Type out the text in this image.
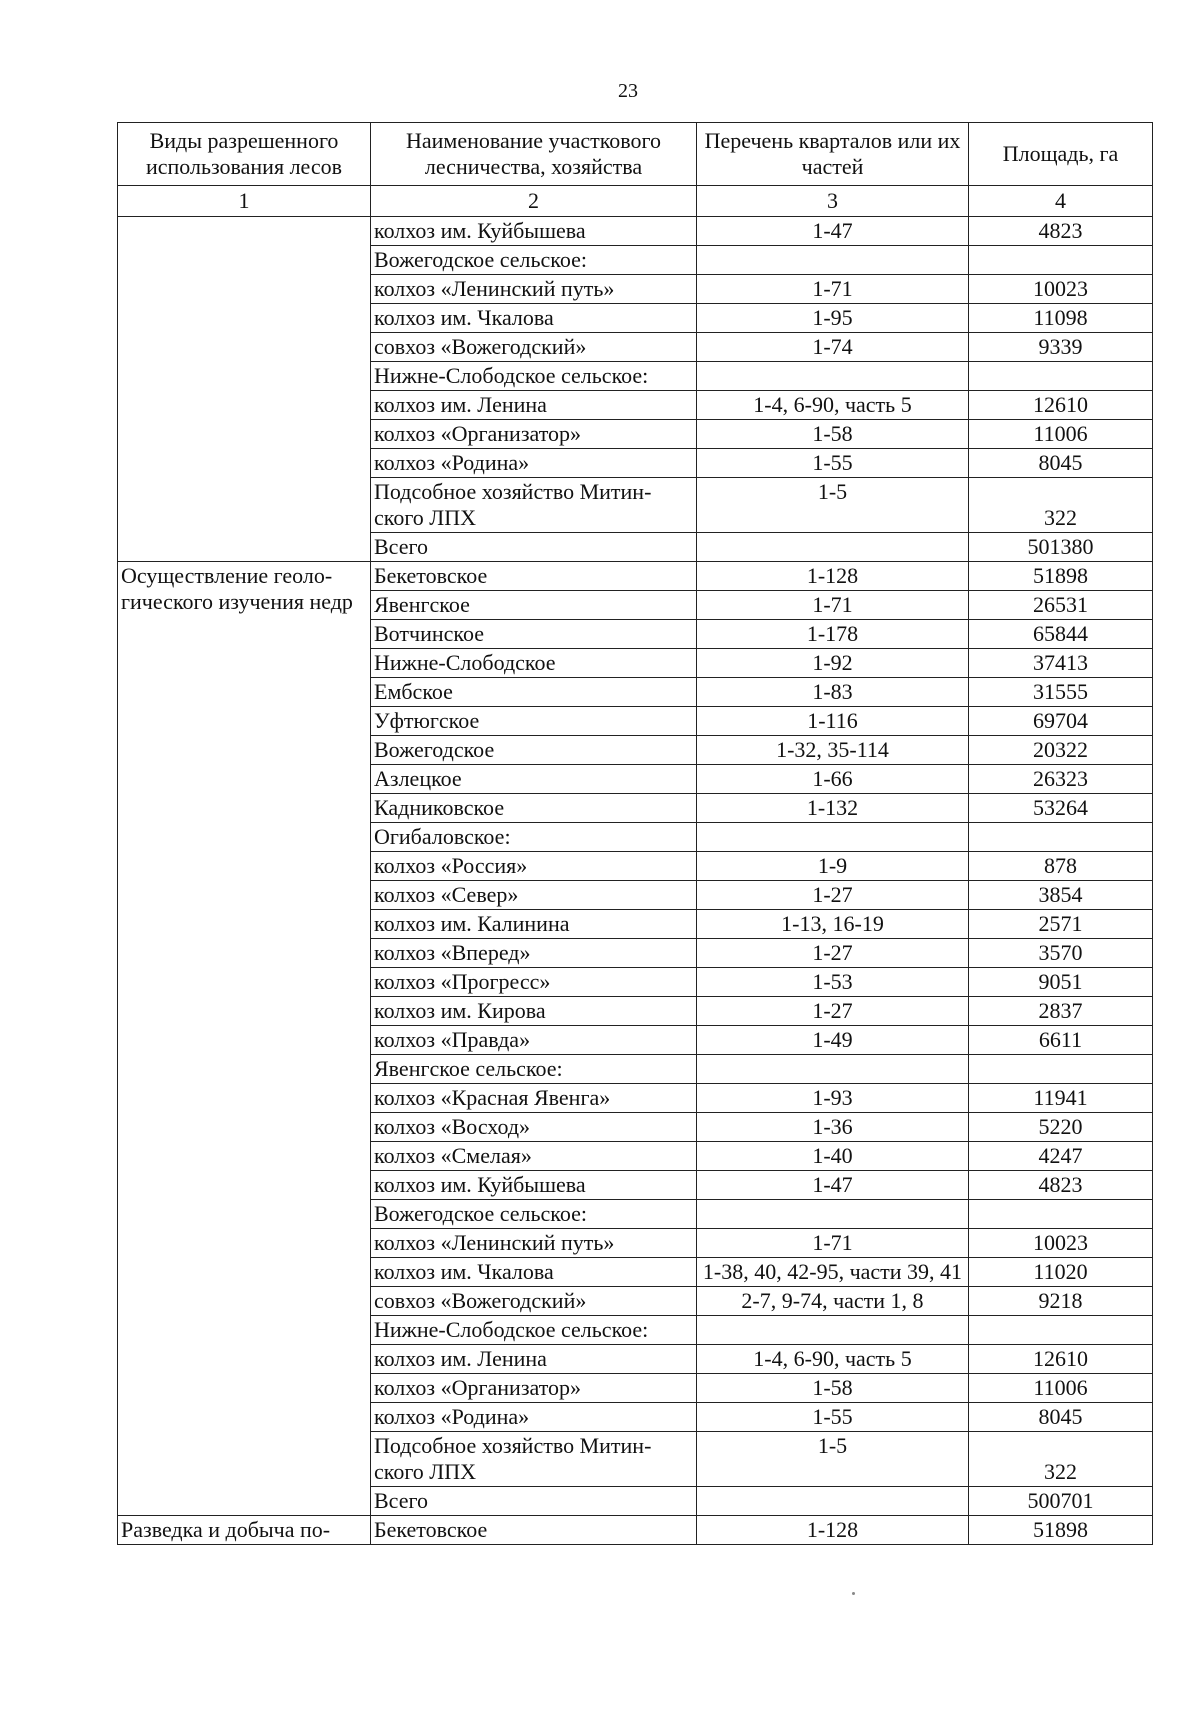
23
Виды разрешенного использования лесов	Наименование участкового лесничества, хозяйства	Перечень кварталов или их частей	Площадь, га
1	2	3	4
	колхоз им. Куйбышева	1-47	4823
	Вожегодское сельское:		
	колхоз «Ленинский путь»	1-71	10023
	колхоз им. Чкалова	1-95	11098
	совхоз «Вожегодский»	1-74	9339
	Нижне-Слободское сельское:		
	колхоз им. Ленина	1-4, 6-90, часть 5	12610
	колхоз «Организатор»	1-58	11006
	колхоз «Родина»	1-55	8045
	Подсобное хозяйство Митин-ского ЛПХ	1-5	322
	Всего		501380
Осуществление геоло-гического изучения недр	Бекетовское	1-128	51898
	Явенгское	1-71	26531
	Вотчинское	1-178	65844
	Нижне-Слободское	1-92	37413
	Ембское	1-83	31555
	Уфтюгское	1-116	69704
	Вожегодское	1-32, 35-114	20322
	Азлецкое	1-66	26323
	Кадниковское	1-132	53264
	Огибаловское:		
	колхоз «Россия»	1-9	878
	колхоз «Север»	1-27	3854
	колхоз им. Калинина	1-13, 16-19	2571
	колхоз «Вперед»	1-27	3570
	колхоз «Прогресс»	1-53	9051
	колхоз им. Кирова	1-27	2837
	колхоз «Правда»	1-49	6611
	Явенгское сельское:		
	колхоз «Красная Явенга»	1-93	11941
	колхоз «Восход»	1-36	5220
	колхоз «Смелая»	1-40	4247
	колхоз им. Куйбышева	1-47	4823
	Вожегодское сельское:		
	колхоз «Ленинский путь»	1-71	10023
	колхоз им. Чкалова	1-38, 40, 42-95, части 39, 41	11020
	совхоз «Вожегодский»	2-7, 9-74, части 1, 8	9218
	Нижне-Слободское сельское:		
	колхоз им. Ленина	1-4, 6-90, часть 5	12610
	колхоз «Организатор»	1-58	11006
	колхоз «Родина»	1-55	8045
	Подсобное хозяйство Митин-ского ЛПХ	1-5	322
	Всего		500701
Разведка и добыча по-	Бекетовское	1-128	51898
